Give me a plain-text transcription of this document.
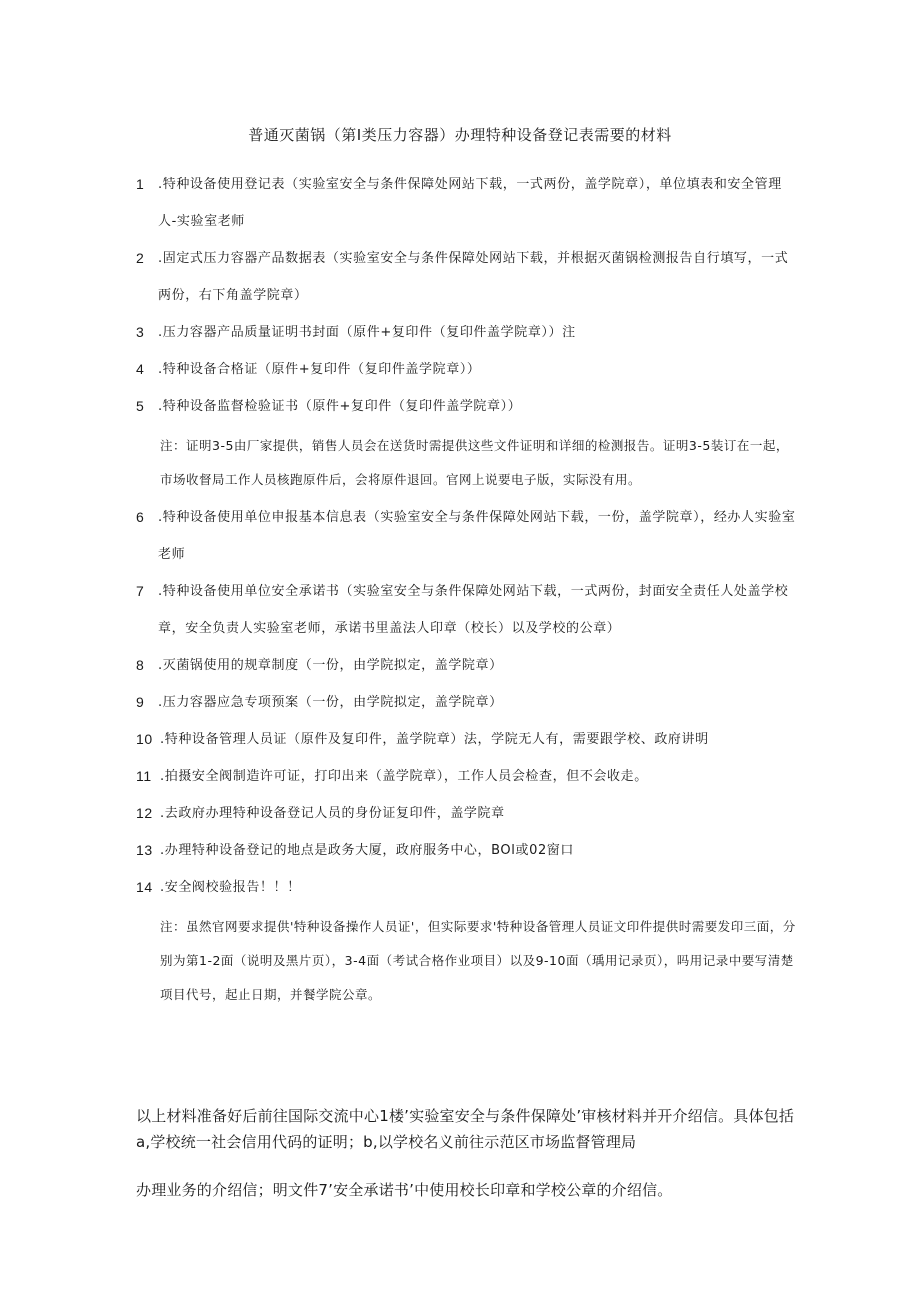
普通灭菌锅（第Ⅰ类压力容器）办理特种设备登记表需要的材料
1 .特种设备使用登记表（实验室安全与条件保障处网站下载，一式两份，盖学院章），单位填表和安全管理人-实验室老师
2 .固定式压力容器产品数据表（实验室安全与条件保障处网站下载，并根据灭菌锅检测报告自行填写，一式两份，右下角盖学院章）
3 .压力容器产品质量证明书封面（原件+复印件（复印件盖学院章））注
4 .特种设备合格证（原件+复印件（复印件盖学院章））
5 .特种设备监督检验证书（原件+复印件（复印件盖学院章））
注：证明3-5由厂家提供，销售人员会在送货时需提供这些文件证明和详细的检测报告。证明3-5装订在一起，市场收督局工作人员核跑原件后，会将原件退回。官网上说要电子版，实际没有用。
6 .特种设备使用单位申报基本信息表（实验室安全与条件保障处网站下载，一份，盖学院章），经办人实验室老师
7 .特种设备使用单位安全承诺书（实验室安全与条件保障处网站下载，一式两份，封面安全责任人处盖学校章，安全负责人实验室老师，承诺书里盖法人印章（校长）以及学校的公章）
8 .灭菌锅使用的规章制度（一份，由学院拟定，盖学院章）
9 .压力容器应急专项预案（一份，由学院拟定，盖学院章）
10 .特种设备管理人员证（原件及复印件，盖学院章）法，学院无人有，需要跟学校、政府讲明
11 .拍摄安全阀制造许可证，打印出来（盖学院章），工作人员会检查，但不会收走。
12 .去政府办理特种设备登记人员的身份证复印件，盖学院章
13 .办理特种设备登记的地点是政务大厦，政府服务中心，BOl或02窗口
14 .安全阀校验报告！！！
注：虽然官网要求提供'特种设备操作人员证'，但实际要求'特种设备管理人员证文印件提供时需要发印三面，分别为第1-2面（说明及黑片页），3-4面（考试合格作业项目）以及9-10面（瑀用记录页），吗用记录中要写清楚项目代号，起止日期，并餐学院公章。
以上材料准备好后前往国际交流中心1楼’实验室安全与条件保障处’审核材料并开介绍信。具体包括a,学校统一社会信用代码的证明；b,以学校名义前往示范区市场监督管理局
办理业务的介绍信；明文件7’安全承诺书’中使用校长印章和学校公章的介绍信。
